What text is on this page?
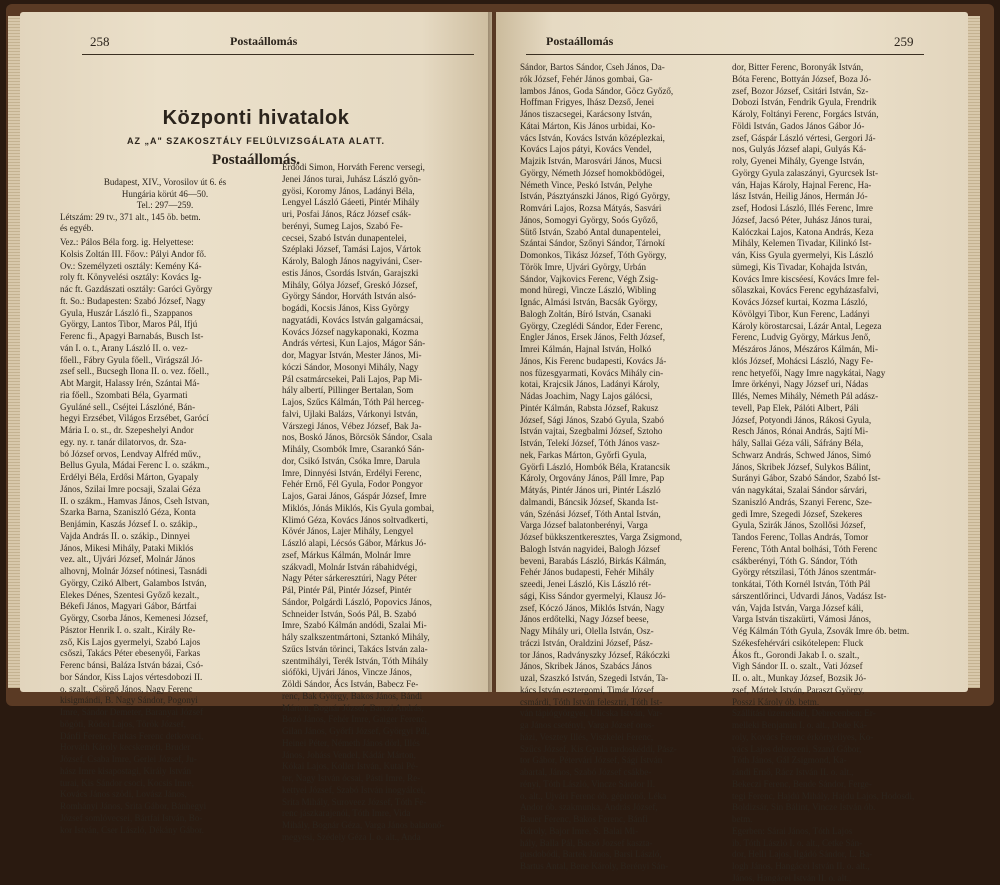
258	Postaállomás
Központi hivatalok
AZ „A" SZAKOSZTÁLY FELÜLVIZSGÁLATA ALATT.
Postaállomás.
Budapest, XIV., Vorosilov út 6. és
Hungária körút 46—50.
Tel.: 297—259.
Létszám: 29 tv., 371 alt., 145 öb. betm.
és egyéb.
Vez.: Pálos Béla forg. ig. Helyettese:
Kolsis Zoltán III. Főov.: Pályi Andor fő.
Ov.: Személyzeti osztály: Kemény Ká-
roly ft. Könyvelési osztály: Kovács Ig-
nác ft. Gazdászati osztály: Garóci György
ft. So.: Budapesten: Szabó József, Nagy
Gyula, Huszár László fi., Szappanos
György, Lantos Tibor, Maros Pál, Ifjú
Ferenc fi., Apagyi Barnabás, Busch Ist-
ván I. o. t., Arany László II. o. vez-
főell., Fábry Gyula főell., Virágszál Jó-
zsef sell., Bucsegh Ilona II. o. vez. főell.,
Abt Margit, Halassy Irén, Szántai Má-
ria főell., Szombati Béla, Gyarmati
Gyuláné sell., Cséjtei Lászlóné, Bán-
hegyi Erzsébet, Világos Erzsébet, Garócí
Mária I. o. st., dr. Szepeshelyi Andor
egy. ny. r. tanár dilatorvos, dr. Sza-
bó József orvos, Lendvay Alfréd műv.,
Bellus Gyula, Mádai Ferenc I. o. szákm.,
Erdélyi Béla, Erdősi Márton, Gyapaly
János, Szilai Imre pocsaji, Szalai Géza
II. o szákm., Hamvas János, Cseh Istvan,
Szarka Barna, Szaniszló Géza, Konta
Benjámin, Kaszás József I. o. szákip.,
Vajda András II. o. szákip., Dinnyei
János, Mikesi Mihály, Pataki Miklós
vez. alt., Ujvári József, Molnár János
alhovnj, Molnár József nótinesi, Tasnádi
György, Czikó Albert, Galambos István,
Elekes Dénes, Szentesi Győző kezalt.,
Békefi János, Magyari Gábor, Bártfai
György, Csorba János, Kemenesi József,
Pásztor Henrik I. o. szalt., Király Re-
zső, Kis Lajos gyermelyi, Szabó Lajos
csőszi, Takács Péter ebesenyői, Farkas
Ferenc bánsi, Baláza István bázai, Csó-
bor Sándor, Kiss Lajos vértesdobozi II.
o. szalt., Csörgő János, Nagy Ferenc
kisigmándi, B. Nagy Sándor, Pogonyi
Imre, Sándor Demeter, Baranyai József
bögöti, Rödei Lajos, Török József,
Dánfi Ferenc, Farkas Ferenc detkovaci,
Horváth Károly kecskeméti, Bruder
József, Csaba Imre, Gerlei József, Ju-
hász Imre kisapostagi, Király István
turai, Kis Sándor csoci, Kocsis Imre,
Kovács János szödi, Lovász János,
Romhányi János, Srita Gábor, Bánhegyi
József somlóvecsei, Bártfai István, Bo-
kor István, Cser László, Dékány Gábor.
Erdődi Simon, Horváth Ferenc versegi,
Jenei János turai, Juhász László gyön-
gyösi, Koromy János, Ladányi Béla,
Lengyel László Gáeeti, Pintér Mihály
uri, Posfai János, Rácz József csák-
berényi, Sumeg Lajos, Szabó Fe-
cecsei, Szabó István dunapentelei,
Széplaki József, Tamási Lajos, Vártok
Károly, Balogh János nagyiváni, Cser-
estis János, Csordás István, Garajszki
Mihály, Gólya József, Greskó József,
György Sándor, Horváth István alsó-
bogádi, Kocsis János, Kiss György
nagyatádi, Kovács István galgamácsai,
Kovács József nagykaponaki, Kozma
András vértesi, Kun Lajos, Mágor Sán-
dor, Magyar István, Mester János, Mi-
kóczi Sándor, Mosonyi Mihály, Nagy
Pál csatmárcsekei, Pali Lajos, Pap Mi-
hály albertí, Pillinger Bertalan, Som
Lajos, Szűcs Kálmán, Tóth Pál herceg-
falvi, Ujlaki Balázs, Várkonyi István,
Várszegi János, Vébez József, Bak Ja-
nos, Boskó János, Börcsök Sándor, Csala
Mihály, Csombók Imre, Csarankó Sán-
dor, Csikó István, Csóka Imre, Darula
Imre, Dinnyési István, Erdélyi Ferenc,
Fehér Ernő, Fél Gyula, Fodor Pongyor
Lajos, Garai János, Gáspár József, Imre
Miklós, Jónás Miklós, Kis Gyula gombai,
Klimó Géza, Kovács János soltvadkerti,
Kövér János, Lajer Mihály, Lengyel
László alapi, Lécsós Gábor, Márkus Jó-
zsef, Márkus Kálmán, Molnár Imre
szákvadl, Molnár István rábahidvégi,
Nagy Péter sárkeresztúri, Nagy Péter
Pál, Pintér Pál, Pintér József, Pintér
Sándor, Polgárdi László, Popovics János,
Schneider István, Soós Pál, B. Szabó
Imre, Szabó Kálmán andódi, Szalai Mi-
hály szalkszentmártoni, Sztankó Mihály,
Szűcs István törinci, Takács István zala-
szentmihályi, Terék István, Tóth Mihály
sióföki, Ujvári János, Vincze János,
Zöldi Sándor, Ács István, Babecz Fe-
renc, Bak György, Bakos János, Bándi
Márton, Bognár József, Barczi András,
Bozó János, Fehér Imre, Gaiger Ferenc,
Gilan János, Győrfi József, Györgyi Pál,
Heinei Péter, Németh János dörl, Illés
János, Joháss Vendel, Kádár Márton,
Kókai Lajos, Koller István, Kutai Pé-
ter, Nagy István ócsai, Pásti Imre, Re-
kettyei József, Szabó István inogyálcei,
Srita Mihály, Suroveez József, Tóth Fe-
renc jászkarajenói, Tóth Imre, Vida
Mihály, Bognár Géza, Varga János balatonő-
megyesi, Szédely Géza I. o. alt., Anda
Postaállomás	259
Sándor, Bartos Sándor, Cseh János, Da-
rók József, Fehér János gombai, Ga-
lambos János, Goda Sándor, Göcz Győző,
Hoffman Frigyes, Ihász Dezső, Jenei
János tiszacsegei, Karácsony István,
Kátai Márton, Kis János urbidai, Ko-
vács István, Kovács István középlezkai,
Kovács Lajos pátyi, Kovács Vendel,
Majzik István, Marosvári János, Mucsi
György, Németh József homokbödögei,
Németh Vince, Peskó István, Pelyhe
István, Pásztyánszki János, Rigó György,
Romvári Lajos, Rozsa Mátyás, Sasvári
János, Somogyi György, Soós Győző,
Sütő István, Szabó Antal dunapentelei,
Szántai Sándor, Szőnyi Sándor, Tárnokí
Domonkos, Tikász József, Tóth György,
Török Imre, Ujvári György, Urbán
Sándor, Vajkovics Ferenc, Végh Zsig-
mond hüregi, Vincze László, Wibling
Ignác, Almási István, Bacsák György,
Balogh Zoltán, Bíró István, Csanaki
György, Czeglédi Sándor, Eder Ferenc,
Engler János, Ersek János, Felth József,
Imrei Kálmán, Hajnal István, Holkó
János, Kis Ferenc budapesti, Kovács Já-
nos füzesgyarmati, Kovács Mihály cin-
kotai, Krajcsik János, Ladányi Károly,
Nádas Joachim, Nagy Lajos gálócsi,
Pintér Kálmán, Rabsta József, Rakusz
József, Sági János, Szabó Gyula, Szabó
István vajtai, Szegbalmi József, Sztoho
István, Telekí József, Tóth János vasz-
nek, Farkas Márton, Győrfi Gyula,
Györfi László, Hombók Béla, Kratancsik
Károly, Orgovány János, Páll Imre, Pap
Mátyás, Pintér János uri, Pintér László
dalmandi, Báncsik József, Skanda Ist-
ván, Szénási József, Tóth Antal István,
Varga József balatonberényi, Varga
József bükkszentkeresztes, Varga Zsigmond,
Balogh István nagyidei, Balogh József
beveni, Barabás László, Birkás Kálmán,
Fehér János budapesti, Fehér Mihály
szeedi, Jenei László, Kis László rét-
sági, Kiss Sándor gyermelyi, Klausz Jó-
zsef, Kóczó János, Miklós István, Nagy
János erdőtelki, Nagy József beese,
Nagy Mihály uri, Olella István, Osz-
tráczi István, Oraldzini József, Pász-
tor János, Radványszky József, Rákóczki
János, Skribek János, Szabács János
uzal, Szaszkó István, Szegedi István, Ta-
kács István esztergomi, Timár József
csmárdi, Tóth István felesztri, Tóth Ist-
ván tápiógyörgyei, Ulicska István, Var-
ga János csetényi, Varga József oros-
házi, Vesztey Illés, Viszkelei Ferenc,
Szűcs József, Kis Gyula tardoskéddi, Pász-
tor Gábor, Pétervári József, Ságí István
abartal, János, Szabó József csákbe-
rényi, Tóth László, Vincze Sándor II.
o. alt., Ujvári Ferenc ób. gépirónő, Léka
Andor ób. szakmunka, András József,
Bauer Ferenc, Bakos Ferenc, Bánfi
Károly, Bajor Imre, S. Balai Mi-
hály, Balla Pál, Bacsó Jozsef kaszta-
pusdobódi, Bartek János, Barsi László,
Bartus Antal, Bene Károly, Berényi Sán-
dor, Bitter Ferenc, Boronyák István,
Bóta Ferenc, Bottyán József, Boza Jó-
zsef, Bozor József, Csitári István, Sz-
Dobozi István, Fendrik Gyula, Frendrik
Károly, Foltányi Ferenc, Forgács István,
Földi István, Gados János Gábor Jó-
zsef, Gáspár László vértesi, Gergori Já-
nos, Gulyás József alapi, Gulyás Ká-
roly, Gyenei Mihály, Gyenge István,
György Gyula zalaszányi, Gyurcsek Ist-
ván, Hajas Károly, Hajnal Ferenc, Ha-
lász István, Heilig János, Hermán Jó-
zsef, Hodosi László, Illés Ferenc, Imre
József, Jacsó Péter, Juhász János turai,
Kalóczkai Lajos, Katona András, Keza
Mihály, Kelemen Tivadar, Kilinkó Ist-
ván, Kiss Gyula gyermelyi, Kis László
sümegi, Kis Tivadar, Kohajda István,
Kovács Imre kiscséesí, Kovács Imre fel-
sőlaszkai, Kovács Ferenc egyházasfalvi,
Kovács József kurtai, Kozma László,
Kövölgyi Tibor, Kun Ferenc, Ladányi
Károly körostarcsai, Lázár Antal, Legeza
Ferenc, Ludvig György, Márkus Jenő,
Mészáros János, Mészáros Kálmán, Mi-
klós József, Mohácsi László, Nagy Fe-
renc hetyefői, Nagy Imre nagykátai, Nagy
Imre örkényi, Nagy József uri, Nádas
Illés, Nemes Mihály, Németh Pál adász-
tevell, Pap Elek, Pálóti Albert, Páli
József, Potyondi János, Rákosi Gyula,
Resch János, Rónai András, Sajtí Mi-
hály, Sallai Géza váli, Sáfrány Béla,
Schwarz András, Schwed János, Simó
János, Skribek József, Sulykos Bálint,
Surányi Gábor, Szabó Sándor, Szabó Ist-
ván nagykátai, Szalai Sándor sárvári,
Szaniszló András, Szanyi Ferenc, Sze-
gedi Imre, Szegedi József, Szekeres
Gyula, Szirák János, Szollősi József,
Tandos Ferenc, Tollas András, Tomor
Ferenc, Tóth Antal bolhási, Tóth Ferenc
csákberényi, Tóth G. Sándor, Tóth
György rétszilasi, Tóth János szentmár-
tonkátai, Tóth Kornél István, Tóth Pál
sárszentlőrinci, Udvardi János, Vadász Ist-
ván, Vajda István, Varga József káli,
Varga István tiszakürti, Vámosi János,
Vég Kálmán Tóth Gyula, Zsovák Imre ób. betm.
Székesfehérvári csikótelepen: Fluck
Ákos ft., Gorondi Jakab I. o. szalt.,
Vigh Sándor II. o. szalt., Vati József
II. o. alt., Munkay József, Bozsik Jó-
zsef, Mártek István, Paraszt György,
Posszi Károly ób. betm.
Szállítási üzemeknél, Debrecenben: Er-
melleki Benjamin I. o. alt., Dede Ká-
roly, Kovács Ferenc érkörtyeliyes, Ko-
vács Lajos debreceni, Szaná Gábor,
Tóth János, Gál Zsigmond, Ka-
rándi Ernő, Rácz István II. o. alt.,
Bekeczi Ferenc, Bende Sándor, Ferge-
tegi Ferenc, Hajdú Mihály, Hajdu Lajos, Hodosdi,
Boldizsár, Sin Bálint, Vincze István ób.
betm.
Egerben: Sárai János, Tóth Lajos
ib. Tóth László I. o. alt., Cetke Sán-
dor, Helli Lajos, Ilgádó Sándor, L. Ba-
logh János, Hangácei István II. o. alt.,
János, Hangácei István II. o. alt.,
